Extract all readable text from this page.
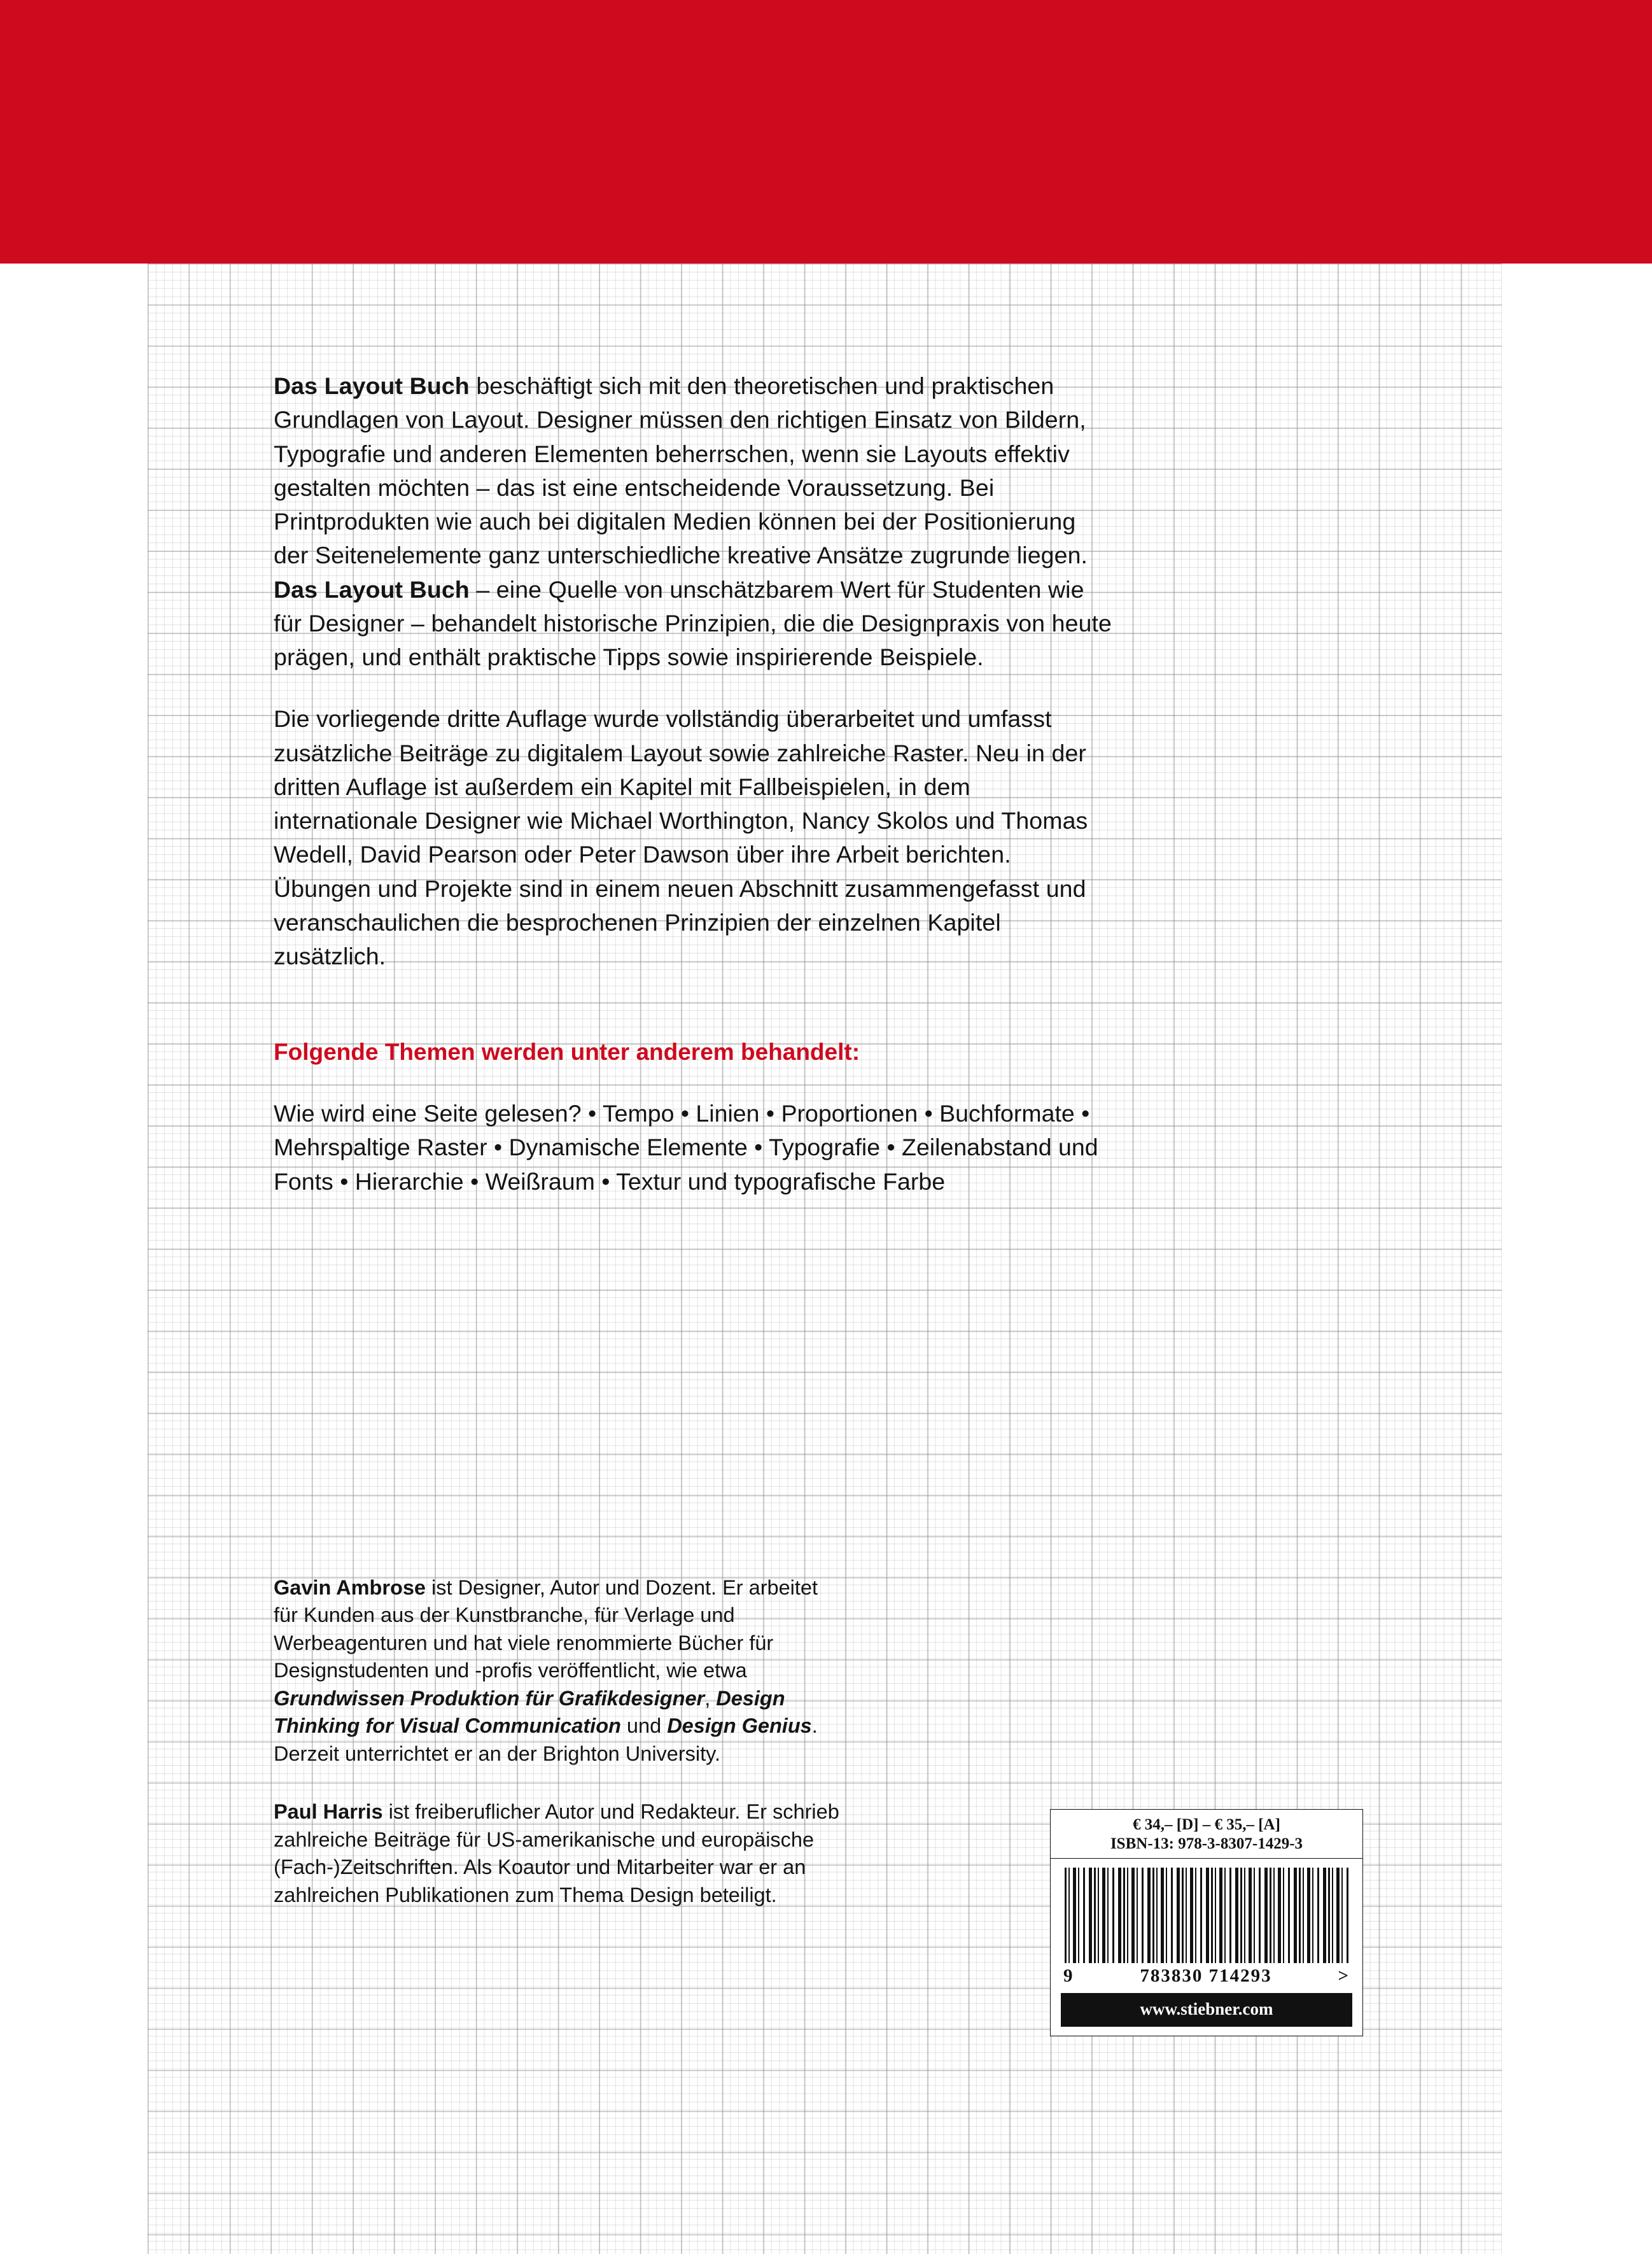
Das Layout Buch beschäftigt sich mit den theoretischen und praktischen Grundlagen von Layout. Designer müssen den richtigen Einsatz von Bildern, Typografie und anderen Elementen beherrschen, wenn sie Layouts effektiv gestalten möchten – das ist eine entscheidende Voraussetzung. Bei Printprodukten wie auch bei digitalen Medien können bei der Positionierung der Seitenelemente ganz unterschiedliche kreative Ansätze zugrunde liegen. Das Layout Buch – eine Quelle von unschätzbarem Wert für Studenten wie für Designer – behandelt historische Prinzipien, die die Designpraxis von heute prägen, und enthält praktische Tipps sowie inspirierende Beispiele.

Die vorliegende dritte Auflage wurde vollständig überarbeitet und umfasst zusätzliche Beiträge zu digitalem Layout sowie zahlreiche Raster. Neu in der dritten Auflage ist außerdem ein Kapitel mit Fallbeispielen, in dem internationale Designer wie Michael Worthington, Nancy Skolos und Thomas Wedell, David Pearson oder Peter Dawson über ihre Arbeit berichten. Übungen und Projekte sind in einem neuen Abschnitt zusammengefasst und veranschaulichen die besprochenen Prinzipien der einzelnen Kapitel zusätzlich.

Folgende Themen werden unter anderem behandelt:

Wie wird eine Seite gelesen? • Tempo • Linien • Proportionen • Buchformate • Mehrspaltige Raster • Dynamische Elemente • Typografie • Zeilenabstand und Fonts • Hierarchie • Weißraum • Textur und typografische Farbe

Gavin Ambrose ist Designer, Autor und Dozent. Er arbeitet für Kunden aus der Kunstbranche, für Verlage und Werbeagenturen und hat viele renommierte Bücher für Designstudenten und -profis veröffentlicht, wie etwa Grundwissen Produktion für Grafikdesigner, Design Thinking for Visual Communication und Design Genius. Derzeit unterrichtet er an der Brighton University.

Paul Harris ist freiberuflicher Autor und Redakteur. Er schrieb zahlreiche Beiträge für US-amerikanische und europäische (Fach-)Zeitschriften. Als Koautor und Mitarbeiter war er an zahlreichen Publikationen zum Thema Design beteiligt.

€ 34,– [D] – € 35,– [A]
ISBN-13: 978-3-8307-1429-3
9	783830 714293	>
www.stiebner.com
